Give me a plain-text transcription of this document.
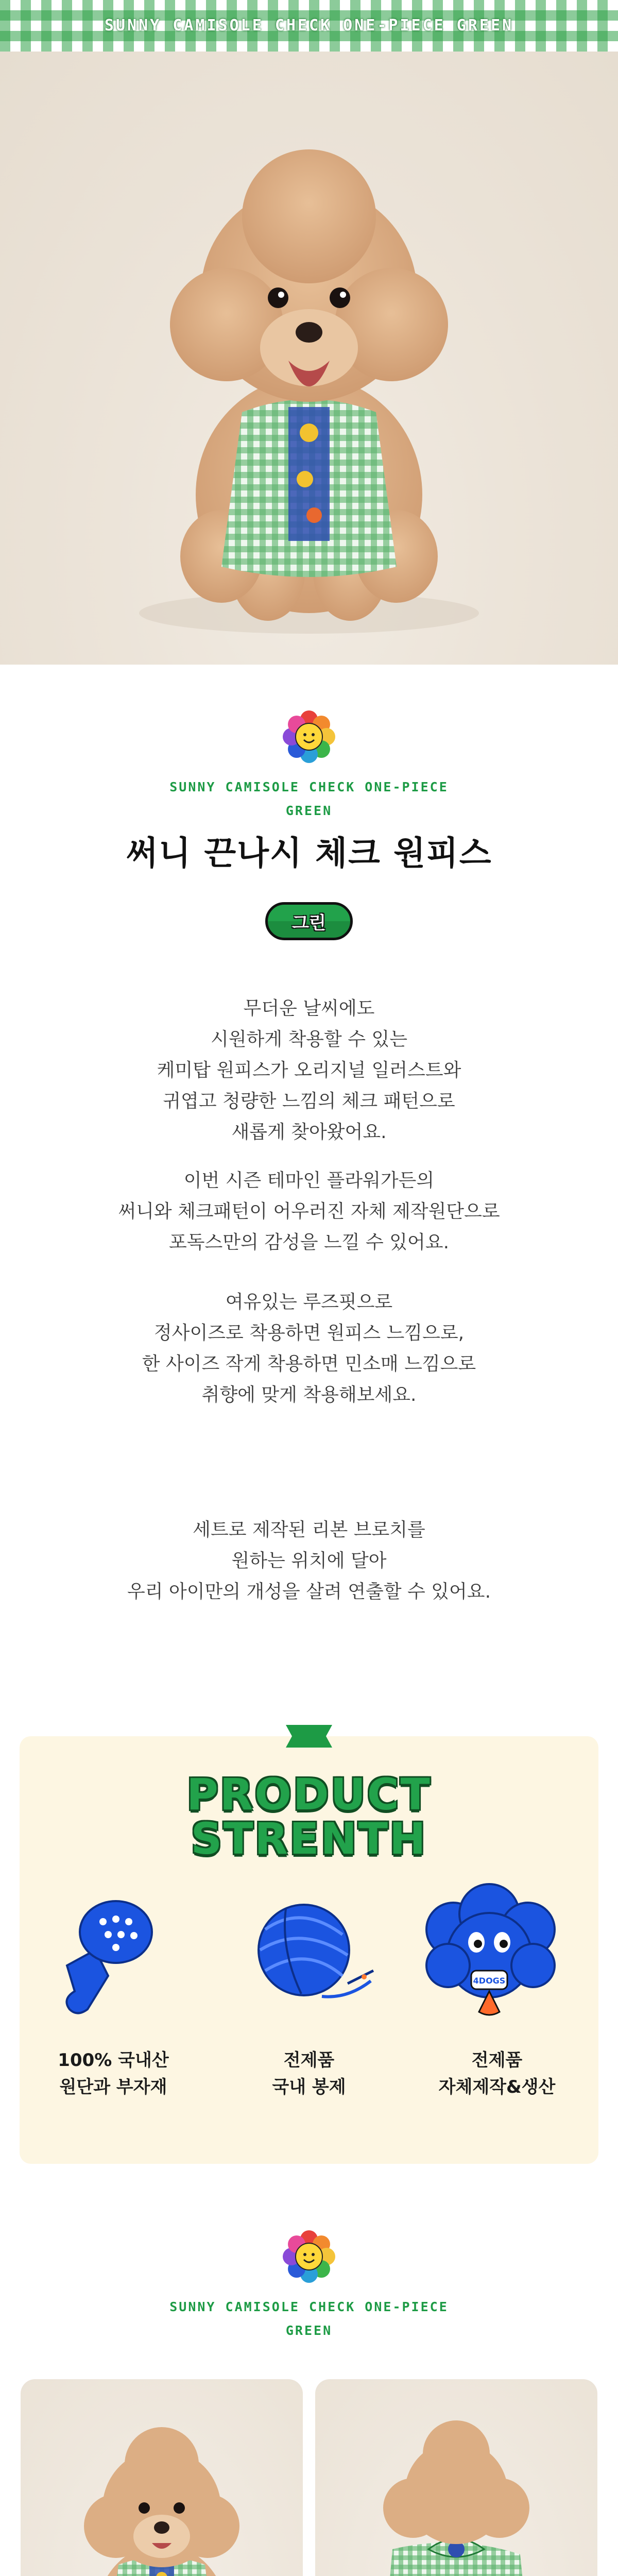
SUNNY CAMISOLE CHECK ONE-PIECE GREEN
SUNNY CAMISOLE CHECK ONE-PIECE
GREEN
써니 끈나시 체크 원피스
그린

무더운 날씨에도

시원하게 착용할 수 있는

케미탑 원피스가 오리지널 일러스트와

귀엽고 청량한 느낌의 체크 패턴으로

새롭게 찾아왔어요.

이번 시즌 테마인 플라워가든의

써니와 체크패턴이 어우러진 자체 제작원단으로

포독스만의 감성을 느낄 수 있어요.

여유있는 루즈핏으로

정사이즈로 착용하면 원피스 느낌으로,

한 사이즈 작게 착용하면 민소매 느낌으로

취향에 맞게 착용해보세요.

세트로 제작된 리본 브로치를

원하는 위치에 달아

우리 아이만의 개성을 살려 연출할 수 있어요.

PRODUCT
STRENTH
4DOGS
100% 국내산
원단과 부자재
전제품
국내 봉제
전제품
자체제작&생산
SUNNY CAMISOLE CHECK ONE-PIECE
GREEN
